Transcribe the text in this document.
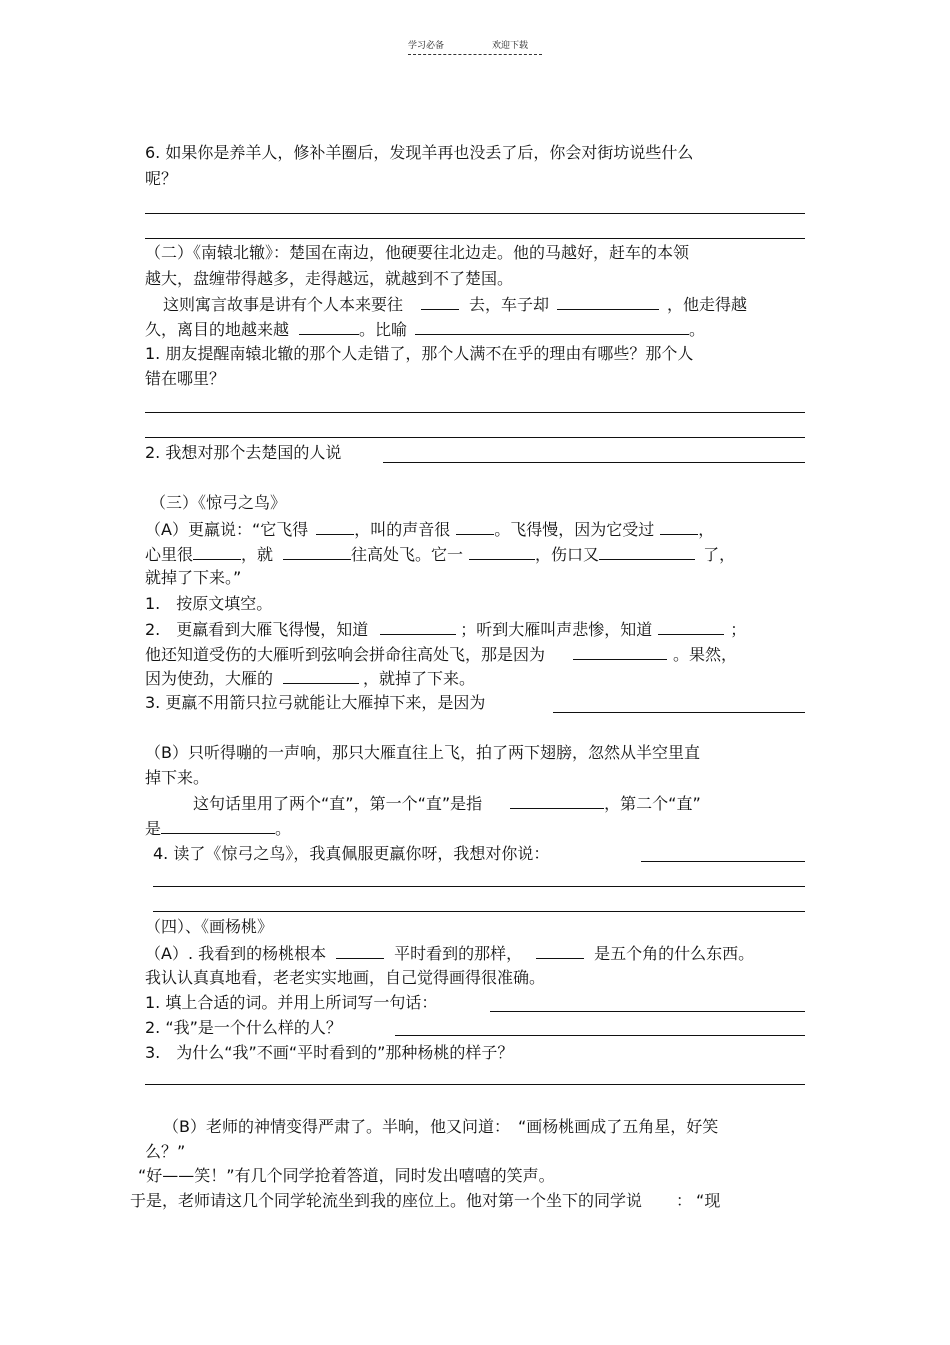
学习必备	欢迎下载
6. 如果你是养羊人，修补羊圈后，发现羊再也没丢了后，你会对街坊说些什么
呢？
（二）《南辕北辙》：楚国在南边，他硬要往北边走。他的马越好，赶车的本领
越大，盘缠带得越多，走得越远，就越到不了楚国。
这则寓言故事是讲有个人本来要往	去，车子却	，他走得越
久，离目的地越来越	。比喻	。
1. 朋友提醒南辕北辙的那个人走错了，那个人满不在乎的理由有哪些？那个人
错在哪里？
2. 我想对那个去楚国的人说
（三）《惊弓之鸟》
（A）更羸说：“它飞得	，叫的声音很	。飞得慢，因为它受过	，
心里很	，就	往高处飞。它一	，伤口又	了，
就掉了下来。”
1.　按原文填空。
2.　更羸看到大雁飞得慢，知道	；听到大雁叫声悲惨，知道	；
他还知道受伤的大雁听到弦响会拼命往高处飞，那是因为	。果然，
因为使劲，大雁的	，就掉了下来。
3. 更羸不用箭只拉弓就能让大雁掉下来，是因为
（B）只听得嘣的一声响，那只大雁直往上飞，拍了两下翅膀，忽然从半空里直
掉下来。
这句话里用了两个“直”，第一个“直”是指	，第二个“直”
是	。
4. 读了《惊弓之鸟》，我真佩服更羸你呀，我想对你说：
（四）、《画杨桃》
（A）. 我看到的杨桃根本	平时看到的那样，	是五个角的什么东西。
我认认真真地看，老老实实地画，自己觉得画得很准确。
1. 填上合适的词。并用上所词写一句话：
2. “我”是一个什么样的人？
3.　为什么“我”不画“平时看到的”那种杨桃的样子？
（B）老师的神情变得严肃了。半晌，他又问道： “画杨桃画成了五角星，好笑
么？”
“好——笑！”有几个同学抢着答道，同时发出嘻嘻的笑声。
于是，老师请这几个同学轮流坐到我的座位上。他对第一个坐下的同学说 ： “现
